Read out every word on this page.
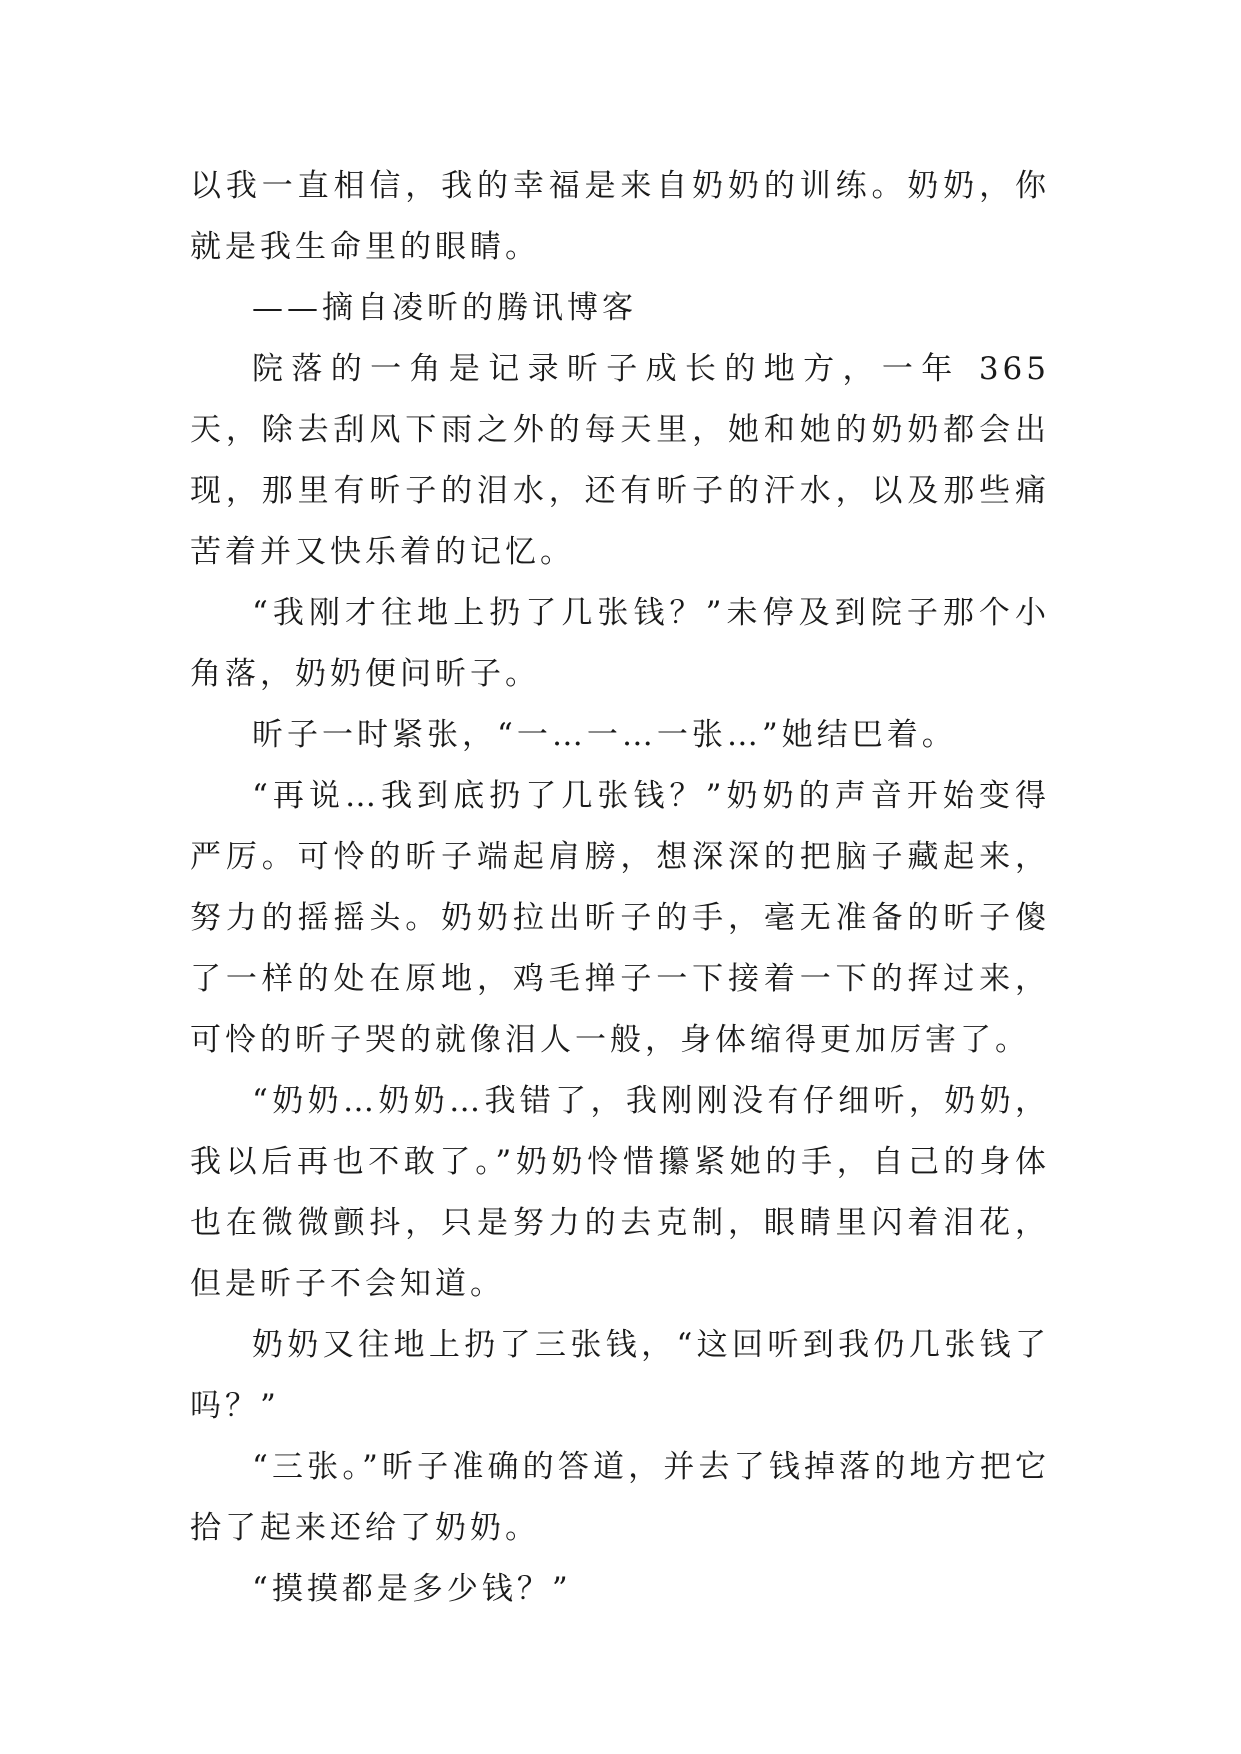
以我一直相信，我的幸福是来自奶奶的训练。奶奶，你就是我生命里的眼睛。

——摘自凌昕的腾讯博客

院落的一角是记录昕子成长的地方，一年 365 天，除去刮风下雨之外的每天里，她和她的奶奶都会出现，那里有昕子的泪水，还有昕子的汗水，以及那些痛苦着并又快乐着的记忆。

“我刚才往地上扔了几张钱？”未停及到院子那个小角落，奶奶便问昕子。

昕子一时紧张，“一…一…一张…”她结巴着。

“再说…我到底扔了几张钱？”奶奶的声音开始变得严厉。可怜的昕子端起肩膀，想深深的把脑子藏起来，努力的摇摇头。奶奶拉出昕子的手，毫无准备的昕子傻了一样的处在原地，鸡毛掸子一下接着一下的挥过来，可怜的昕子哭的就像泪人一般，身体缩得更加厉害了。

“奶奶…奶奶…我错了，我刚刚没有仔细听，奶奶，我以后再也不敢了。”奶奶怜惜攥紧她的手，自己的身体也在微微颤抖，只是努力的去克制，眼睛里闪着泪花，但是昕子不会知道。

奶奶又往地上扔了三张钱，“这回听到我仍几张钱了吗？”

“三张。”昕子准确的答道，并去了钱掉落的地方把它拾了起来还给了奶奶。

“摸摸都是多少钱？”
